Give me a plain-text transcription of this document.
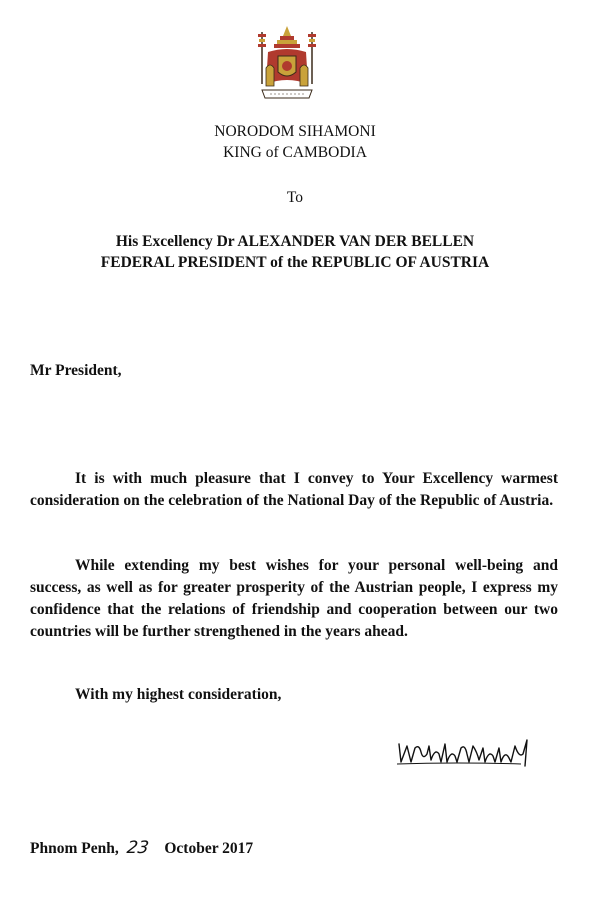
NORODOM SIHAMONI
KING of CAMBODIA
To
His Excellency Dr ALEXANDER VAN DER BELLEN
FEDERAL PRESIDENT of the REPUBLIC OF AUSTRIA
Mr President,
It is with much pleasure that I convey to Your Excellency warmest consideration on the celebration of the National Day of the Republic of Austria.
While extending my best wishes for your personal well-being and success, as well as for greater prosperity of the Austrian people, I express my confidence that the relations of friendship and cooperation between our two countries will be further strengthened in the years ahead.
With my highest consideration,
Phnom Penh, 23 October 2017
